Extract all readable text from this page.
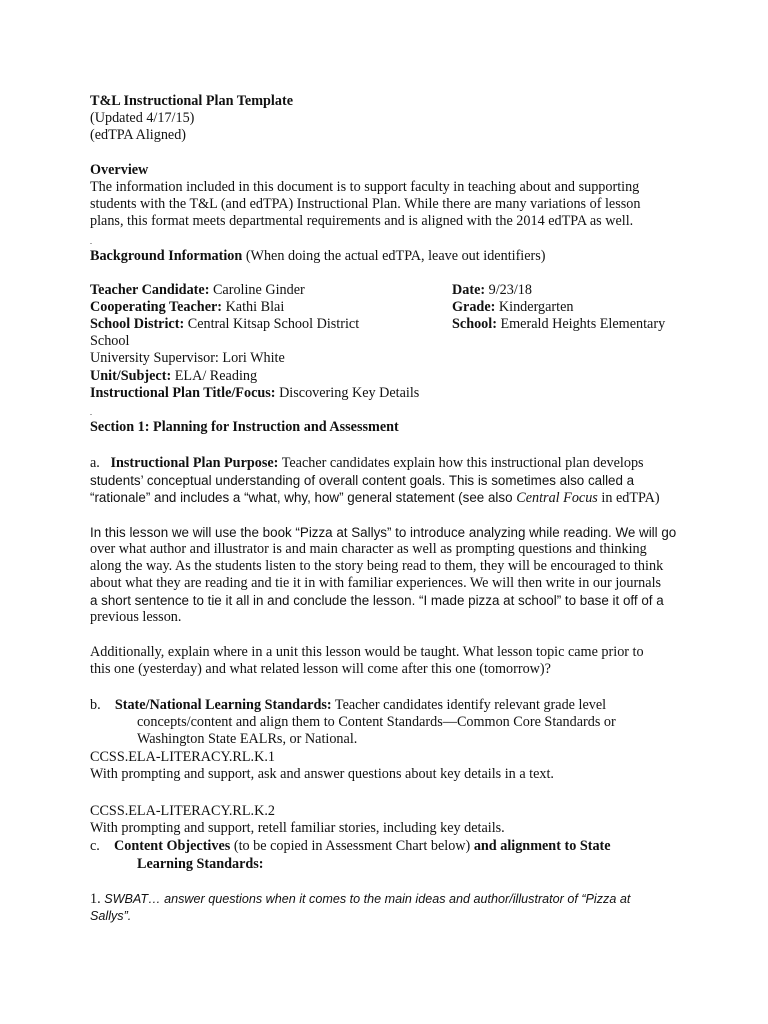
T&L Instructional Plan Template
(Updated 4/17/15)
(edTPA Aligned)
Overview
The information included in this document is to support faculty in teaching about and supporting
students with the T&L (and edTPA) Instructional Plan. While there are many variations of lesson
plans, this format meets departmental requirements and is aligned with the 2014 edTPA as well.
.
Background Information (When doing the actual edTPA, leave out identifiers)
Teacher Candidate: Caroline Ginder	Date: 9/23/18
Cooperating Teacher: Kathi Blai	Grade: Kindergarten
School District: Central Kitsap School District	School: Emerald Heights Elementary
School
University Supervisor: Lori White
Unit/Subject: ELA/ Reading
Instructional Plan Title/Focus: Discovering Key Details
.
Section 1: Planning for Instruction and Assessment
a. Instructional Plan Purpose: Teacher candidates explain how this instructional plan develops
students’ conceptual understanding of overall content goals. This is sometimes also called a
“rationale” and includes a “what, why, how” general statement (see also Central Focus in edTPA)
In this lesson we will use the book “Pizza at Sallys” to introduce analyzing while reading. We will go
over what author and illustrator is and main character as well as prompting questions and thinking
along the way. As the students listen to the story being read to them, they will be encouraged to think
about what they are reading and tie it in with familiar experiences. We will then write in our journals
a short sentence to tie it all in and conclude the lesson. “I made pizza at school” to base it off of a
previous lesson.
Additionally, explain where in a unit this lesson would be taught. What lesson topic came prior to
this one (yesterday) and what related lesson will come after this one (tomorrow)?
b. State/National Learning Standards: Teacher candidates identify relevant grade level
concepts/content and align them to Content Standards—Common Core Standards or
Washington State EALRs, or National.
CCSS.ELA-LITERACY.RL.K.1
With prompting and support, ask and answer questions about key details in a text.
CCSS.ELA-LITERACY.RL.K.2
With prompting and support, retell familiar stories, including key details.
c. Content Objectives (to be copied in Assessment Chart below) and alignment to State
Learning Standards:
1. SWBAT… answer questions when it comes to the main ideas and author/illustrator of “Pizza at
Sallys”.
